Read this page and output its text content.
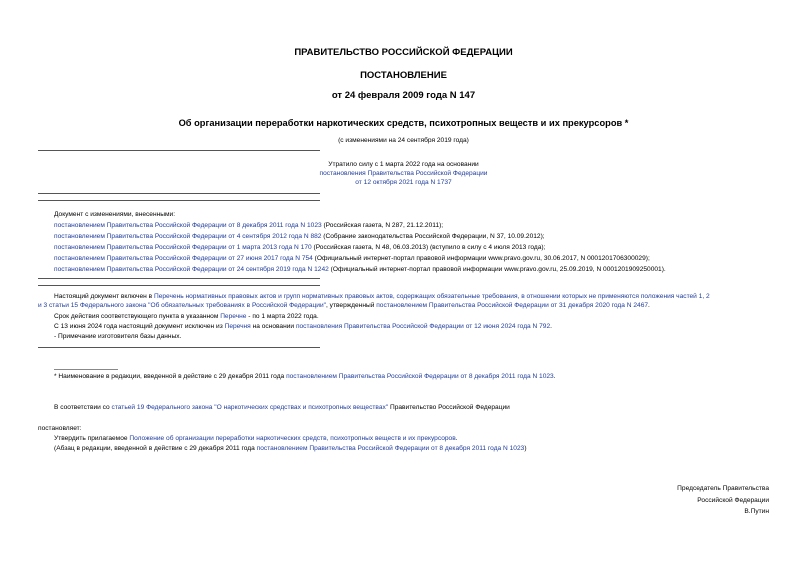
ПРАВИТЕЛЬСТВО РОССИЙСКОЙ ФЕДЕРАЦИИ
ПОСТАНОВЛЕНИЕ
от 24 февраля 2009 года N 147
Об организации переработки наркотических средств, психотропных веществ и их прекурсоров *
(с изменениями на 24 сентября 2019 года)
Утратило силу с 1 марта 2022 года на основании
постановления Правительства Российской Федерации
от 12 октября 2021 года N 1737
Документ с изменениями, внесенными:
постановлением Правительства Российской Федерации от 8 декабря 2011 года N 1023 (Российская газета, N 287, 21.12.2011);
постановлением Правительства Российской Федерации от 4 сентября 2012 года N 882 (Собрание законодательства Российской Федерации, N 37, 10.09.2012);
постановлением Правительства Российской Федерации от 1 марта 2013 года N 170 (Российская газета, N 48, 06.03.2013) (вступило в силу с 4 июля 2013 года);
постановлением Правительства Российской Федерации от 27 июня 2017 года N 754 (Официальный интернет-портал правовой информации www.pravo.gov.ru, 30.06.2017, N 0001201706300029);
постановлением Правительства Российской Федерации от 24 сентября 2019 года N 1242 (Официальный интернет-портал правовой информации www.pravo.gov.ru, 25.09.2019, N 0001201909250001).
Настоящий документ включен в Перечень нормативных правовых актов и групп нормативных правовых актов, содержащих обязательные требования, в отношении которых не применяются положения частей 1, 2
и 3 статьи 15 Федерального закона "Об обязательных требованиях в Российской Федерации", утвержденный постановлением Правительства Российской Федерации от 31 декабря 2020 года N 2467.
Срок действия соответствующего пункта в указанном Перечне - по 1 марта 2022 года.
С 13 июня 2024 года настоящий документ исключен из Перечня на основании постановления Правительства Российской Федерации от 12 июня 2024 года N 792.
- Примечание изготовителя базы данных.
* Наименование в редакции, введенной в действие с 29 декабря 2011 года постановлением Правительства Российской Федерации от 8 декабря 2011 года N 1023.
В соответствии со статьей 19 Федерального закона "О наркотических средствах и психотропных веществах" Правительство Российской Федерации
постановляет:
Утвердить прилагаемое Положение об организации переработки наркотических средств, психотропных веществ и их прекурсоров.
(Абзац в редакции, введенной в действие с 29 декабря 2011 года постановлением Правительства Российской Федерации от 8 декабря 2011 года N 1023)
Председатель Правительства
Российской Федерации
В.Путин
